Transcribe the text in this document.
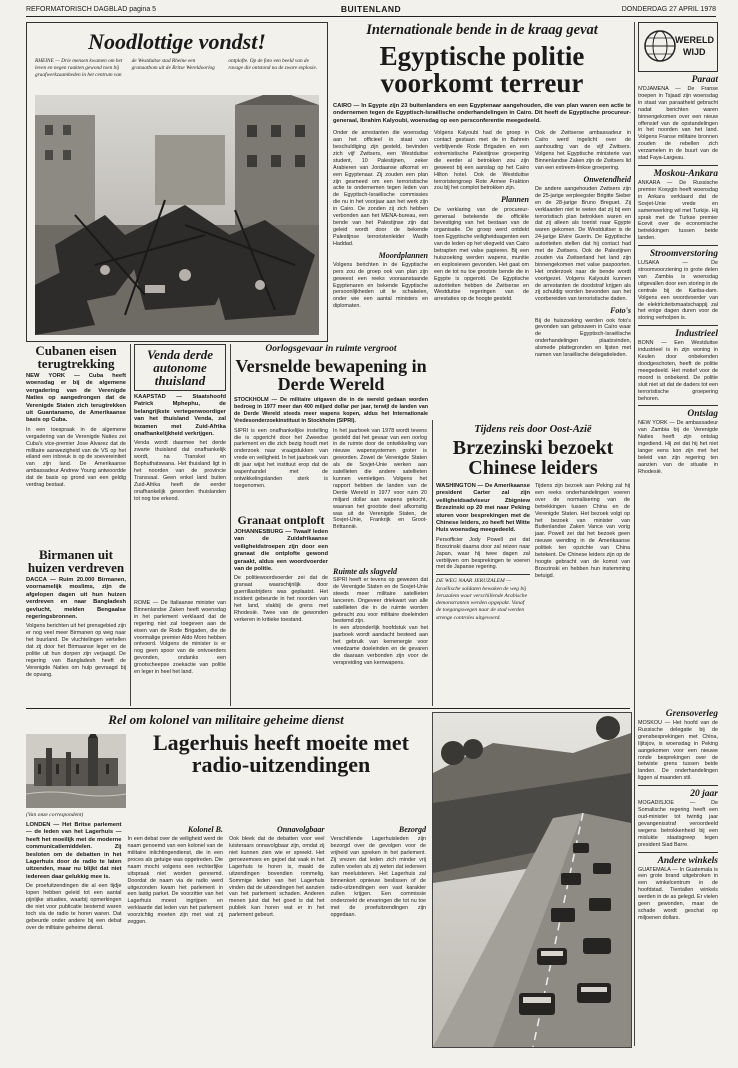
REFORMATORISCH DAGBLAD pagina 5	BUITENLAND	DONDERDAG 27 APRIL 1978
Noodlottige vondst!
RHEINE — Drie mensen kwamen om het leven en negen raakten gewond toen bij graafwerkzaamheden in het centrum van de Westduitse stad Rheine een granaatbom uit de Britse Wereldoorlog ontplofte. Op de foto een beeld van de ravage die ontstond na de zware explosie.
Internationale bende in de kraag gevat
Egyptische politie voorkomt terreur
CAIRO — In Egypte zijn 23 buitenlanders en een Egyptenaar aangehouden, die van plan waren een actie te ondernemen tegen de Egyptisch-Israëlische onderhandelingen in Cairo. Dit heeft de Egyptische procureur-generaal, Ibrahim Kalyoubi, woensdag op een persconferentie meegedeeld.
Onder de arrestanten die woensdag aan het officieel in staat van beschuldiging zijn gesteld, bevinden zich vijf Zwitsers, een Westduitse student, 10 Palestijnen, zeker Arabieren van Jordaanse afkomst en een Egyptenaar. Zij zouden een plan zijn gesmeed om een terroristische actie te ondernemen tegen leden van de Egyptisch-Israëlische commissies die nu in het voorjaar aan het werk zijn in Cairo. De zonden zij zich hebben verbonden aan het MENA-bureau, een bende van het Palestijnse zijn dat geleid wordt door de bekende Palestijnse terroristenleider Wadih Haddad.
Moordplannen
Volgens berichten in de Egyptische pers zou de groep ook van plan zijn geweest een reeks vooraanstaande Egyptenaren en bekende Egyptische persoonlijkheden uit te schakelen, onder wie een aantal ministers en diplomaten.
Volgens Kalyoubi had de groep in contact gestaan met de in Bahrein verblijvende Rode Brigaden en een extremistische Palestijnse groepering die eerder al betrokken zou zijn geweest bij een aanslag op het Caïro Hilton hotel. Ook de Westduitse terroristengroep Rote Armee Fraktion zou bij het complot betrokken zijn.
Plannen
De verklaring van de procureur-generaal betekende de officiële bevestiging van het bestaan van de organisatie. De groep werd ontdekt toen Egyptische veiligheidsagenten een van de leden op het vliegveld van Cairo betrapten met valse papieren. Bij een huiszoeking werden wapens, munitie en explosieven gevonden. Het gaat om een de tot nu toe grootste bende die in Egypte is opgerold. De Egyptische autoriteiten hebben de Zwitserse en Westduitse regeringen van de arrestaties op de hoogte gesteld.
Ook de Zwitserse ambassadeur in Caïro werd ingelicht over de aanhouding van de vijf Zwitsers. Volgens het Egyptische ministerie van Binnenlandse Zaken zijn de Zwitsers lid van een extreem-linkse groepering.
Onwetendheid
De andere aangehouden Zwitsers zijn de 25-jarige verpleegster Brigitte Sieber en de 28-jarige Bruno Breguet. Zij verklaarden niet te weten dat zij bij een terroristisch plan betrokken waren en dat zij alleen als toerist naar Egypte waren gekomen. De Westduitser is de 24-jarige Elvire Guerin. De Egyptische autoriteiten stellen dat hij contact had met de Zwitsers. Ook de Palestijnen zouden via Zwitserland het land zijn binnengekomen met valse paspoorten. Het onderzoek naar de bende wordt voortgezet. Volgens Kalyoubi kunnen de arrestanten de doodstraf krijgen als zij schuldig worden bevonden aan het voorbereiden van terroristische daden.
Foto's
Bij de huiszoeking werden ook foto's gevonden van gebouwen in Caïro waar de Egyptisch-Israëlische onderhandelingen plaatsvinden, alsmede plattegronden en lijsten met namen van Israëlische delegatieleden.
WERELD
WIJD
Paraat
N'DJAMENA — De Franse troepen in Tsjaad zijn woensdag in staat van paraatheid gebracht nadat berichten waren binnengekomen over een nieuw offensief van de opstandelingen in het noorden van het land. Volgens Franse militaire bronnen zouden de rebellen zich verzamelen in de buurt van de stad Faya-Largeau.
Moskou-Ankara
ANKARA — De Russische premier Kosygin heeft woensdag in Ankara verklaard dat de Sovjet-Unie vrede en samenwerking wil met Turkije. Hij sprak met de Turkse premier Ecevit over de economische betrekkingen tussen beide landen.
Stroomverstoring
LUSAKA — De stroomvoorziening in grote delen van Zambia is woensdag uitgevallen door een storing in de centrale bij de Kariba-dam. Volgens een woordvoerder van de elektriciteitsmaatschappij zal het enige dagen duren voor de storing verholpen is.
Industrieel
BONN — Een Westduitse industrieel is in zijn woning in Keulen door onbekenden doodgeschoten, heeft de politie meegedeeld. Het motief voor de moord is onbekend. De politie sluit niet uit dat de daders tot een terroristische groepering behoren.
Ontslag
NEW YORK — De ambassadeur van Zambia bij de Verenigde Naties heeft zijn ontslag ingediend. Hij zei dat hij het niet langer eens kon zijn met het beleid van zijn regering ten aanzien van de situatie in Rhodesië.
Grensoverleg
MOSKOU — Het hoofd van de Russische delegatie bij de grensbesprekingen met China, Iljitsjov, is woensdag in Peking aangekomen voor een nieuwe ronde besprekingen over de betwiste grens tussen beide landen. De onderhandelingen liggen al maanden stil.
20 jaar
MOGADISJOE — De Somalische regering heeft een oud-minister tot twintig jaar gevangenisstraf veroordeeld wegens betrokkenheid bij een mislukte staatsgreep tegen president Siad Barre.
Andere winkels
GUATEMALA — In Guatemala is een grote brand uitgebroken in een winkelcentrum in de hoofdstad. Tientallen winkels werden in de as gelegd. Er vielen geen gewonden, maar de schade wordt geschat op miljoenen dollars.
Cubanen eisen terugtrekking
NEW YORK — Cuba heeft woensdag er bij de algemene vergadering van de Verenigde Naties op aangedrongen dat de Verenigde Staten zich terugtrekken uit Guantanamo, de Amerikaanse basis op Cuba.
In een toespraak in de algemene vergadering van de Verenigde Naties zei Cuba's vice-premier Jose Alvarez dat de militaire aanwezigheid van de VS op het eiland een inbreuk is op de soevereiniteit van zijn land. De Amerikaanse ambassadeur Andrew Young antwoordde dat de basis op grond van een geldig verdrag bestaat.
Birmanen uit huizen verdreven
DACCA — Ruim 20.000 Birmanen, voornamelijk moslims, zijn de afgelopen dagen uit hun huizen verdreven en naar Bangladesh gevlucht, melden Bengaalse regeringsbronnen.
Volgens berichten uit het grensgebied zijn er nog veel meer Birmanen op weg naar het buurland. De vluchtelingen vertellen dat zij door het Birmaanse leger en de politie uit hun dorpen zijn verjaagd. De regering van Bangladesh heeft de Verenigde Naties om hulp gevraagd bij de opvang.
Venda derde autonome thuisland
KAAPSTAD — Staatshoofd Patrick Mphephu, de belangrijkste vertegenwoordiger van het thuisland Venda, zal tezamen met Zuid-Afrika onafhankelijkheid verkrijgen.
Venda wordt daarmee het derde zwarte thuisland dat onafhankelijk wordt, na Transkei en Bophuthatswana. Het thuisland ligt in het noorden van de provincie Transvaal. Geen enkel land buiten Zuid-Afrika heeft de eerder onafhankelijk geworden thuislanden tot nog toe erkend.
ROME — De Italiaanse minister van Binnenlandse Zaken heeft woensdag in het parlement verklaard dat de regering niet zal toegeven aan de eisen van de Rode Brigaden, die de voormalige premier Aldo Moro hebben ontvoerd. Volgens de minister is er nog geen spoor van de ontvoerders gevonden, ondanks een grootscheepse zoekactie van politie en leger in heel het land.
Oorlogsgevaar in ruimte vergroot
Versnelde bewapening in Derde Wereld
STOCKHOLM — De militaire uitgaven die in de wereld gedaan worden bedroeg in 1977 meer dan 400 miljard dollar per jaar, terwijl de landen van de Derde Wereld steeds meer wapens kopen, aldus het Internationale Vredesonderzoekinstituut in Stockholm (SIPRI).
SIPRI is een onafhankelijke instelling die is opgericht door het Zweedse parlement en die zich bezig houdt met onderzoek naar vraagstukken van vrede en veiligheid. In het jaarboek van dit jaar wijst het instituut erop dat de wapenhandel met de ontwikkelingslanden sterk is toegenomen.
In het jaarboek van 1978 wordt tevens gesteld dat het gevaar van een oorlog in de ruimte door de ontwikkeling van nieuwe wapensystemen groter is geworden. Zowel de Verenigde Staten als de Sovjet-Unie werken aan satellieten die andere satellieten kunnen vernietigen. Volgens het rapport hebben de landen van de Derde Wereld in 1977 voor ruim 20 miljard dollar aan wapens gekocht, waarvan het grootste deel afkomstig was uit de Verenigde Staten, de Sovjet-Unie, Frankrijk en Groot-Brittannië.
Granaat ontploft
JOHANNESBURG — Twaalf leden van de Zuidafrikaanse veiligheidstroepen zijn door een granaat die ontplofte gewond geraakt, aldus een woordvoerder van de politie.
De politiewoordvoerder zei dat de granaat waarschijnlijk door guerrillastrijders was geplaatst. Het incident gebeurde in het noorden van het land, vlakbij de grens met Rhodesië. Twee van de gewonden verkeren in kritieke toestand.
Ruimte als slagveld
SIPRI heeft er tevens op gewezen dat de Verenigde Staten en de Sovjet-Unie steeds meer militaire satellieten lanceren. Ongeveer driekwart van alle satellieten die in de ruimte worden gebracht zou voor militaire doeleinden bestemd zijn.
In een afzonderlijk hoofdstuk van het jaarboek wordt aandacht besteed aan het gebruik van kernenergie voor vreedzame doeleinden en de gevaren die daaraan verbonden zijn voor de verspreiding van kernwapens.
Tijdens reis door Oost-Azië
Brzezinski bezoekt Chinese leiders
WASHINGTON — De Amerikaanse president Carter zal zijn veiligheidsadviseur Zbigniew Brzezinski op 20 mei naar Peking sturen voor besprekingen met de Chinese leiders, zo heeft het Witte Huis woensdag meegedeeld.
Persofficier Jody Powell zei dat Brzezinski daarna door zal reizen naar Japan, waar hij twee dagen zal verblijven om besprekingen te voeren met de Japanse regering.
DE WEG NAAR JERUZALEM — Israëlische soldaten bewaken de weg bij Jeruzalem waar verschillende Arabische demonstranten werden opgepakt. Vanaf de toegangswegen naar de stad werden strenge controles uitgevoerd.
Tijdens zijn bezoek aan Peking zal hij een reeks onderhandelingen voeren over de normalisering van de betrekkingen tussen China en de Verenigde Staten. Het bezoek volgt op het bezoek van minister van Buitenlandse Zaken Vance van vorig jaar. Powell zei dat het bezoek geen nieuwe wending in de Amerikaanse politiek ten opzichte van China betekent. De Chinese leiders zijn op de hoogte gebracht van de komst van Brzezinski en hebben hun instemming betuigd.
Rel om kolonel van militaire geheime dienst
Lagerhuis heeft moeite met radio-uitzendingen
(Van onze correspondent)
LONDEN — Het Britse parlement — de leden van het Lagerhuis — heeft het moeilijk met de moderne communicatiemiddelen. Zij besloten om de debatten in het Lagerhuis door de radio te laten uitzenden, maar nu blijkt dat niet iedereen daar gelukkig mee is.
De proefuitzendingen die al een tijdje lopen hebben geleid tot een aantal pijnlijke situaties, waarbij opmerkingen die niet voor publicatie bestemd waren toch via de radio te horen waren. Dat gebeurde onder andere bij een debat over de militaire geheime dienst.
Kolonel B.
In een debat over de veiligheid werd de naam genoemd van een kolonel van de militaire inlichtingendienst, die in een proces als getuige was opgetreden. Die naam mocht volgens een rechterlijke uitspraak niet worden genoemd. Doordat de naam via de radio werd uitgezonden kwam het parlement in een lastig parket. De voorzitter van het Lagerhuis moest ingrijpen en verklaarde dat leden van het parlement voorzichtig moeten zijn met wat zij zeggen.
Onnavolgbaar
Ook bleek dat de debatten voor veel luisteraars onnavolgbaar zijn, omdat zij niet kunnen zien wie er spreekt. Het geroezemoes en gejoel dat vaak in het Lagerhuis te horen is, maakt de uitzendingen bovendien rommelig. Sommige leden van het Lagerhuis vinden dat de uitzendingen het aanzien van het parlement schaden. Anderen menen juist dat het goed is dat het publiek kan horen wat er in het parlement gebeurt.
Bezorgd
Verschillende Lagerhuisleden zijn bezorgd over de gevolgen voor de vrijheid van spreken in het parlement. Zij vrezen dat leden zich minder vrij zullen voelen als zij weten dat iedereen kan meeluisteren. Het Lagerhuis zal binnenkort opnieuw beslissen of de radio-uitzendingen een vast karakter zullen krijgen. Een commissie onderzoekt de ervaringen die tot nu toe met de proefuitzendingen zijn opgedaan.
